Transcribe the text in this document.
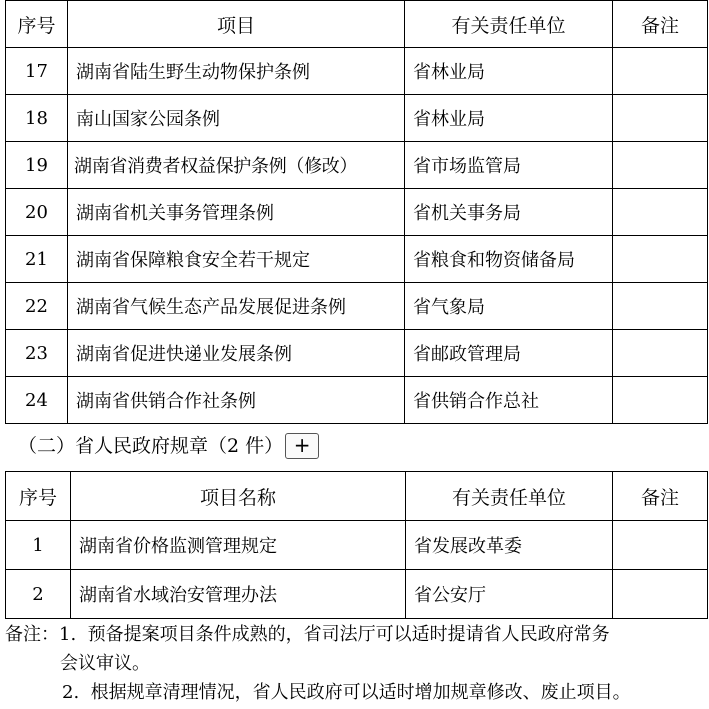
序号	项目	有关责任单位	备注
17	湖南省陆生野生动物保护条例	省林业局	
18	南山国家公园条例	省林业局	
19	湖南省消费者权益保护条例（修改）	省市场监管局	
20	湖南省机关事务管理条例	省机关事务局	
21	湖南省保障粮食安全若干规定	省粮食和物资储备局	
22	湖南省气候生态产品发展促进条例	省气象局	
23	湖南省促进快递业发展条例	省邮政管理局	
24	湖南省供销合作社条例	省供销合作总社	
（二）省人民政府规章（2 件） +
序号	项目名称	有关责任单位	备注
1	湖南省价格监测管理规定	省发展改革委	
2	湖南省水域治安管理办法	省公安厅	
备注：1. 预备提案项目条件成熟的，省司法厅可以适时提请省人民政府常务
会议审议。
2. 根据规章清理情况，省人民政府可以适时增加规章修改、废止项目。
